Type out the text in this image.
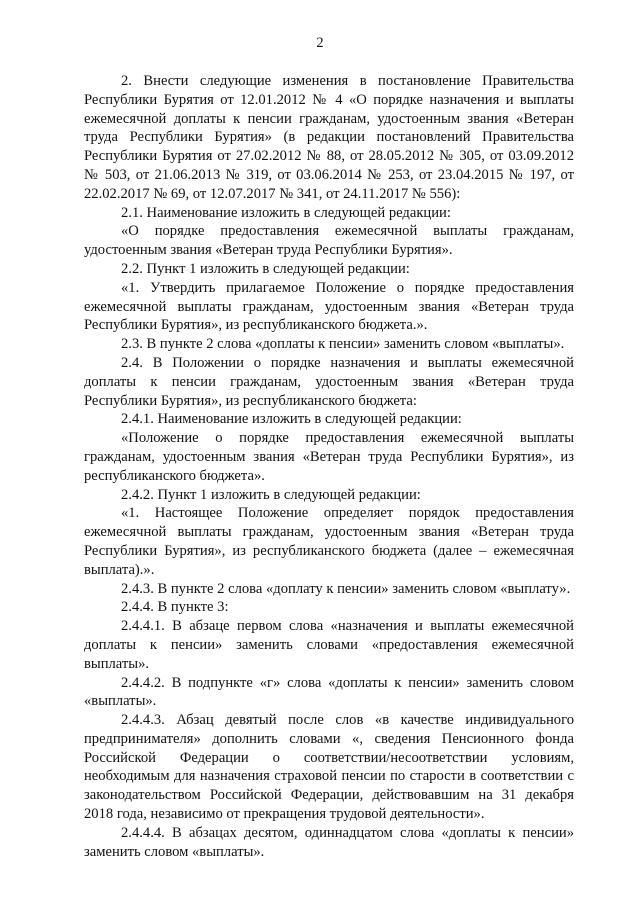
2

2. Внести следующие изменения в постановление Правительства Республики Бурятия от 12.01.2012 № 4 «О порядке назначения и выплаты ежемесячной доплаты к пенсии гражданам, удостоенным звания «Ветеран труда Республики Бурятия» (в редакции постановлений Правительства Республики Бурятия от 27.02.2012 № 88, от 28.05.2012 № 305, от 03.09.2012 № 503, от 21.06.2013 № 319, от 03.06.2014 № 253, от 23.04.2015 № 197, от 22.02.2017 № 69, от 12.07.2017 № 341, от 24.11.2017 № 556):

2.1. Наименование изложить в следующей редакции:

«О порядке предоставления ежемесячной выплаты гражданам, удостоенным звания «Ветеран труда Республики Бурятия».

2.2. Пункт 1 изложить в следующей редакции:

«1. Утвердить прилагаемое Положение о порядке предоставления ежемесячной выплаты гражданам, удостоенным звания «Ветеран труда Республики Бурятия», из республиканского бюджета.».

2.3. В пункте 2 слова «доплаты к пенсии» заменить словом «выплаты».

2.4. В Положении о порядке назначения и выплаты ежемесячной доплаты к пенсии гражданам, удостоенным звания «Ветеран труда Республики Бурятия», из республиканского бюджета:

2.4.1. Наименование изложить в следующей редакции:

«Положение о порядке предоставления ежемесячной выплаты гражданам, удостоенным звания «Ветеран труда Республики Бурятия», из республиканского бюджета».

2.4.2. Пункт 1 изложить в следующей редакции:

«1. Настоящее Положение определяет порядок предоставления ежемесячной выплаты гражданам, удостоенным звания «Ветеран труда Республики Бурятия», из республиканского бюджета (далее – ежемесячная выплата).».

2.4.3. В пункте 2 слова «доплату к пенсии» заменить словом «выплату».

2.4.4. В пункте 3:

2.4.4.1. В абзаце первом слова «назначения и выплаты ежемесячной доплаты к пенсии» заменить словами «предоставления ежемесячной выплаты».

2.4.4.2. В подпункте «г» слова «доплаты к пенсии» заменить словом «выплаты».

2.4.4.3. Абзац девятый после слов «в качестве индивидуального предпринимателя» дополнить словами «, сведения Пенсионного фонда Российской Федерации о соответствии/несоответствии условиям, необходимым для назначения страховой пенсии по старости в соответствии с законодательством Российской Федерации, действовавшим на 31 декабря 2018 года, независимо от прекращения трудовой деятельности».

2.4.4.4. В абзацах десятом, одиннадцатом слова «доплаты к пенсии» заменить словом «выплаты».
